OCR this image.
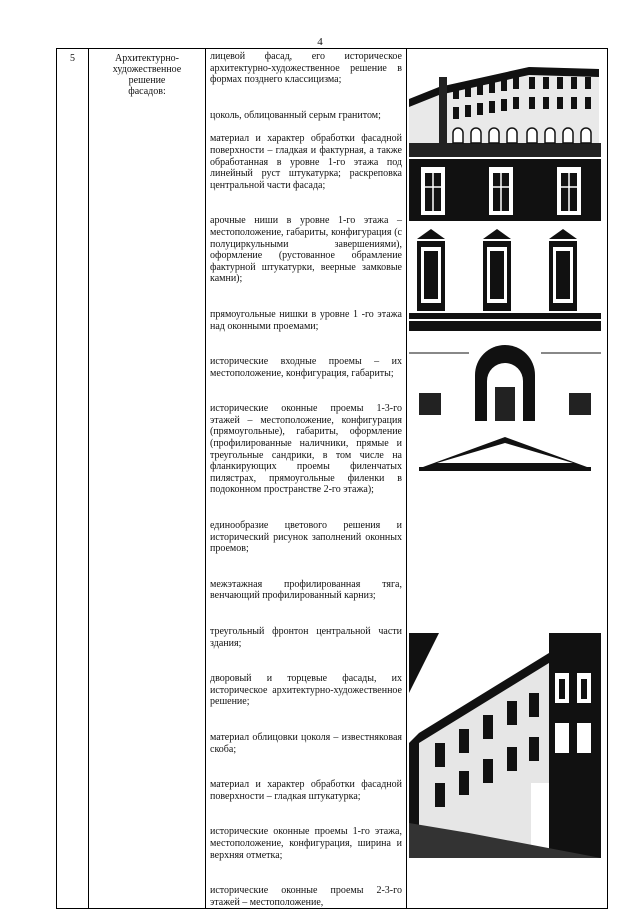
4
5	Архитектурно-
художественное
решение
фасадов:

лицевой фасад, его историческое архитектурно-художественное решение в формах позднего классицизма;

цоколь, облицованный серым гранитом;

материал и характер обработки фасадной поверхности – гладкая и фактурная, а также обработанная в уровне 1-го этажа под линейный руст штукатурка; раскреповка центральной части фасада;

арочные ниши в уровне 1-го этажа – местоположение, габариты, конфигурация (с полуциркульными завершениями), оформление (рустованное обрамление фактурной штукатурки, веерные замковые камни);

прямоугольные нишки в уровне 1 -го этажа над оконными проемами;

исторические входные проемы – их местоположение, конфигурация, габариты;

исторические оконные проемы 1-3-го этажей – местоположение, конфигурация (прямоугольные), габариты, оформление (профилированные наличники, прямые и треугольные сандрики, в том числе на фланкирующих проемы филенчатых пилястрах, прямоугольные филенки в подоконном пространстве 2-го этажа);

единообразие цветового решения и исторический рисунок заполнений оконных проемов;

межэтажная профилированная тяга, венчающий профилированный карниз;

треугольный фронтон центральной части здания;

дворовый и торцевые фасады, их историческое архитектурно-художественное решение;

материал облицовки цоколя – известняковая скоба;

материал и характер обработки фасадной поверхности – гладкая штукатурка;

исторические оконные проемы 1-го этажа, местоположение, конфигурация, ширина и верхняя отметка;

исторические оконные проемы 2-3-го этажей – местоположение,
